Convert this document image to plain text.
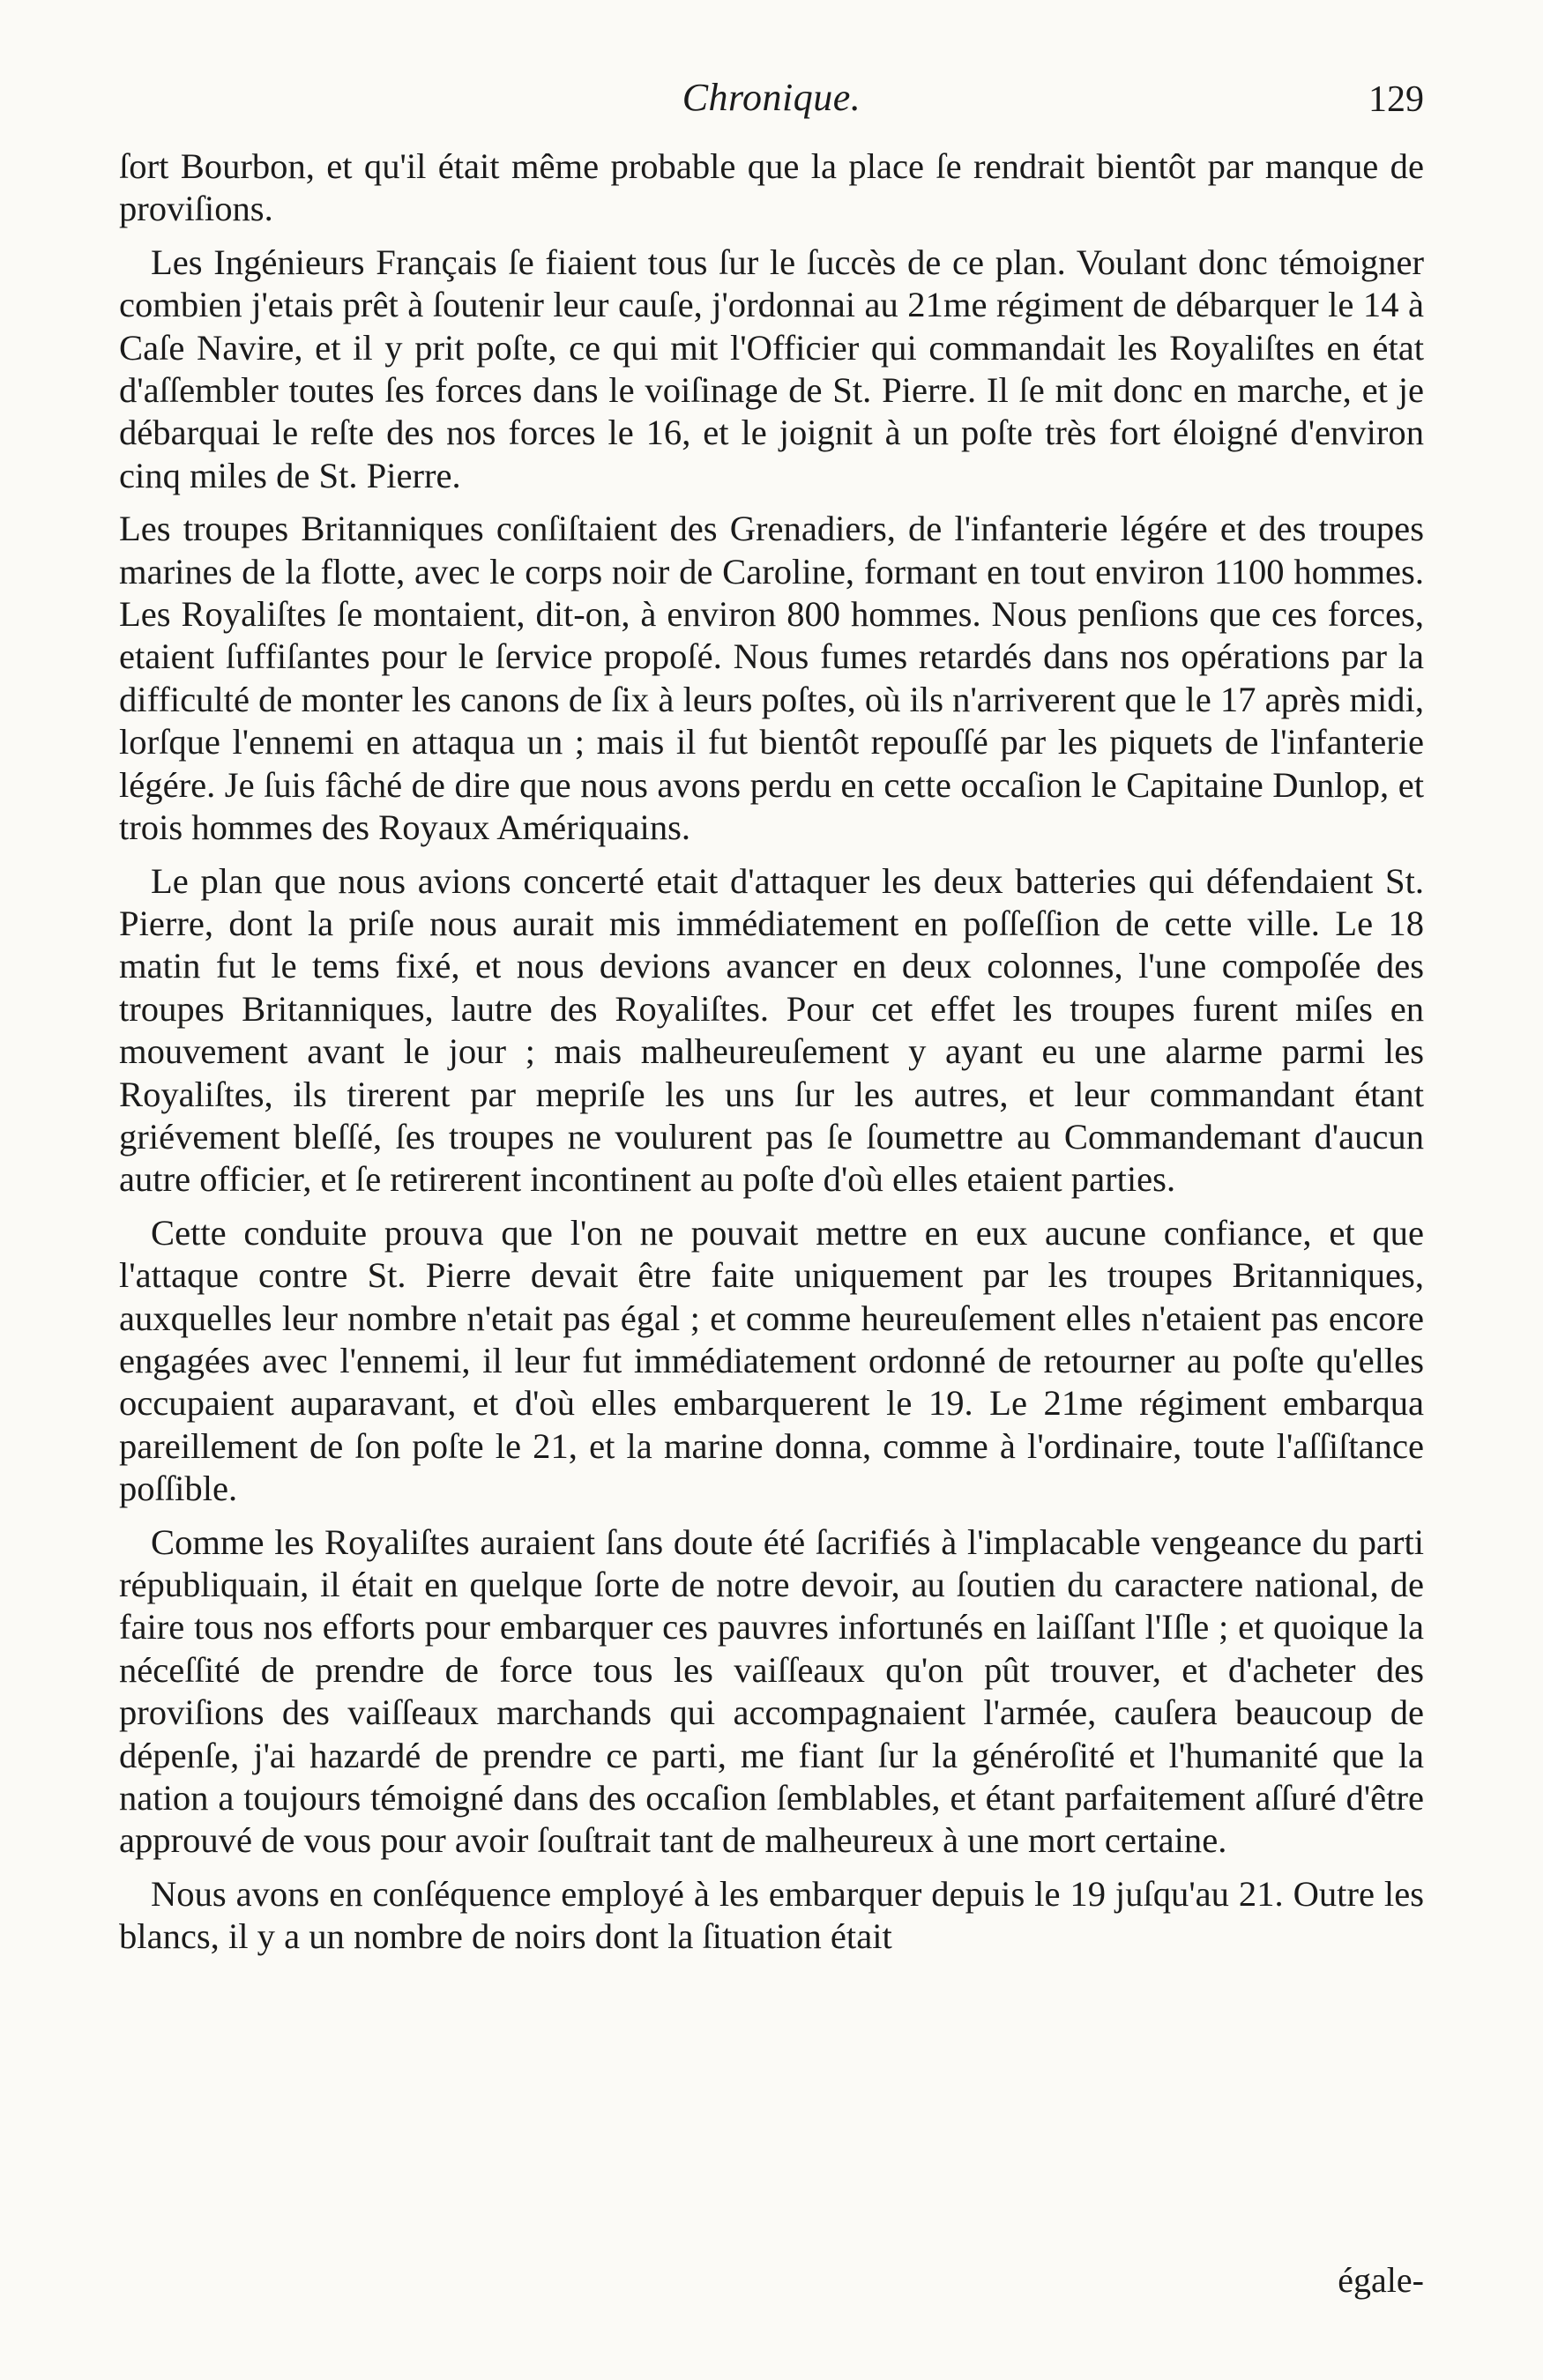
Chronique.	129

ſort Bourbon, et qu'il était même probable que la place ſe rendrait bientôt par manque de proviſions.

Les Ingénieurs Français ſe fiaient tous ſur le ſuccès de ce plan. Voulant donc témoigner combien j'etais prêt à ſoutenir leur cauſe, j'ordonnai au 21me régiment de débarquer le 14 à Caſe Navire, et il y prit poſte, ce qui mit l'Officier qui commandait les Royaliſtes en état d'aſſembler toutes ſes forces dans le voiſinage de St. Pierre. Il ſe mit donc en marche, et je débarquai le reſte des nos forces le 16, et le joignit à un poſte très fort éloigné d'environ cinq miles de St. Pierre.

Les troupes Britanniques conſiſtaient des Grenadiers, de l'infanterie légére et des troupes marines de la flotte, avec le corps noir de Caroline, formant en tout environ 1100 hommes. Les Royaliſtes ſe montaient, dit-on, à environ 800 hommes. Nous penſions que ces forces, etaient ſuffiſantes pour le ſervice propoſé. Nous fumes retardés dans nos opérations par la difficulté de monter les canons de ſix à leurs poſtes, où ils n'arriverent que le 17 après midi, lorſque l'ennemi en attaqua un ; mais il fut bientôt repouſſé par les piquets de l'infanterie légére. Je ſuis fâché de dire que nous avons perdu en cette occaſion le Capitaine Dunlop, et trois hommes des Royaux Amériquains.

Le plan que nous avions concerté etait d'attaquer les deux batteries qui défendaient St. Pierre, dont la priſe nous aurait mis immédiatement en poſſeſſion de cette ville. Le 18 matin fut le tems fixé, et nous devions avancer en deux colonnes, l'une compoſée des troupes Britanniques, lautre des Royaliſtes. Pour cet effet les troupes furent miſes en mouvement avant le jour ; mais malheureuſement y ayant eu une alarme parmi les Royaliſtes, ils tirerent par mepriſe les uns ſur les autres, et leur commandant étant griévement bleſſé, ſes troupes ne voulurent pas ſe ſoumettre au Commandemant d'aucun autre officier, et ſe retirerent incontinent au poſte d'où elles etaient parties.

Cette conduite prouva que l'on ne pouvait mettre en eux aucune confiance, et que l'attaque contre St. Pierre devait être faite uniquement par les troupes Britanniques, auxquelles leur nombre n'etait pas égal ; et comme heureuſement elles n'etaient pas encore engagées avec l'ennemi, il leur fut immédiatement ordonné de retourner au poſte qu'elles occupaient auparavant, et d'où elles embarquerent le 19. Le 21me régiment embarqua pareillement de ſon poſte le 21, et la marine donna, comme à l'ordinaire, toute l'aſſiſtance poſſible.

Comme les Royaliſtes auraient ſans doute été ſacrifiés à l'implacable vengeance du parti républiquain, il était en quelque ſorte de notre devoir, au ſoutien du caractere national, de faire tous nos efforts pour embarquer ces pauvres infortunés en laiſſant l'Iſle ; et quoique la néceſſité de prendre de force tous les vaiſſeaux qu'on pût trouver, et d'acheter des proviſions des vaiſſeaux marchands qui accompagnaient l'armée, cauſera beaucoup de dépenſe, j'ai hazardé de prendre ce parti, me fiant ſur la généroſité et l'humanité que la nation a toujours témoigné dans des occaſion ſemblables, et étant parfaitement aſſuré d'être approuvé de vous pour avoir ſouſtrait tant de malheureux à une mort certaine.

Nous avons en conſéquence employé à les embarquer depuis le 19 juſqu'au 21. Outre les blancs, il y a un nombre de noirs dont la ſituation était

égale-
